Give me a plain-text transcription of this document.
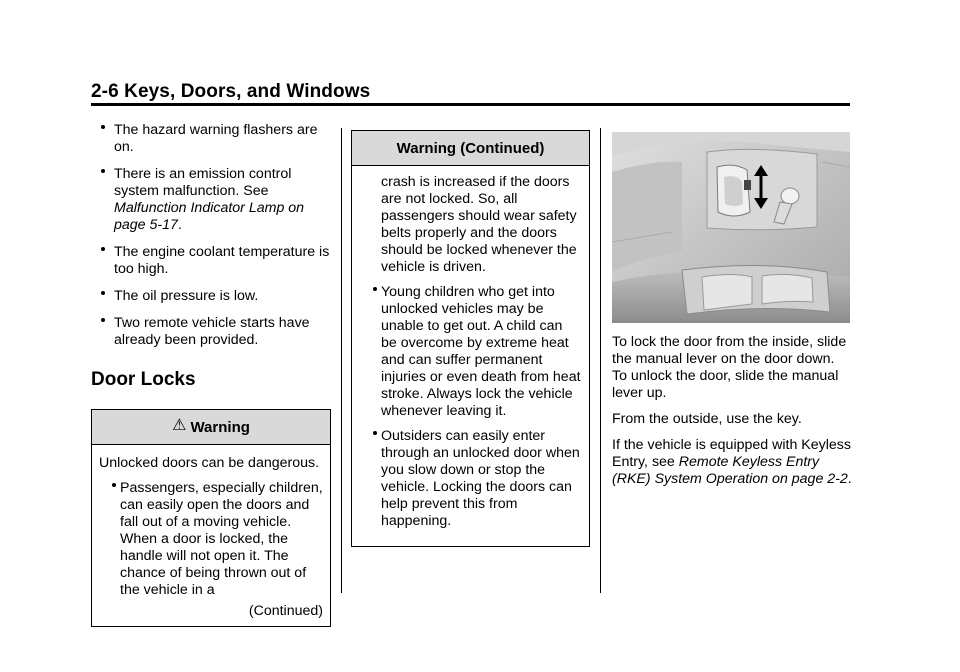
2-6 Keys, Doors, and Windows
The hazard warning flashers are on.
There is an emission control system malfunction. See
Malfunction Indicator Lamp on page 5-17.
The engine coolant temperature is too high.
The oil pressure is low.
Two remote vehicle starts have already been provided.
Door Locks
⚠ Warning

Unlocked doors can be dangerous.

Passengers, especially children, can easily open the doors and fall out of a moving vehicle. When a door is locked, the handle will not open it. The chance of being thrown out of the vehicle in a
(Continued)
Warning (Continued)

crash is increased if the doors are not locked. So, all passengers should wear safety belts properly and the doors should be locked whenever the vehicle is driven.

Young children who get into unlocked vehicles may be unable to get out. A child can be overcome by extreme heat and can suffer permanent injuries or even death from heat stroke. Always lock the vehicle whenever leaving it.
Outsiders can easily enter through an unlocked door when you slow down or stop the vehicle. Locking the doors can help prevent this from happening.

To lock the door from the inside, slide the manual lever on the door down. To unlock the door, slide the manual lever up.

From the outside, use the key.

If the vehicle is equipped with Keyless Entry, see Remote Keyless Entry (RKE) System Operation on page 2-2.
